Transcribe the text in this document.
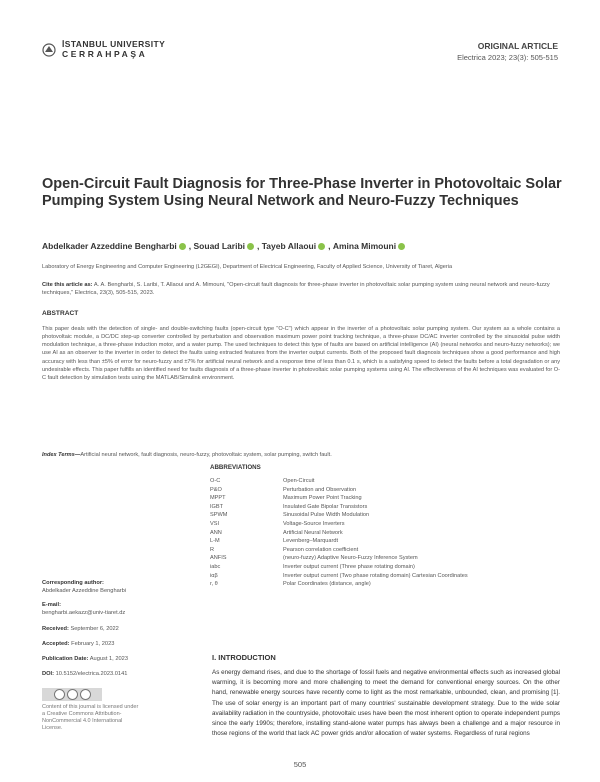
İSTANBUL UNIVERSITY
CERRAHPAŞA
ORIGINAL ARTICLE
Electrica 2023; 23(3): 505-515
Open-Circuit Fault Diagnosis for Three-Phase Inverter in Photovoltaic Solar Pumping System Using Neural Network and Neuro-Fuzzy Techniques
Abdelkader Azzeddine Bengharbi ,
Souad Laribi ,
Tayeb Allaoui ,
Amina Mimouni
Laboratory of Energy Engineering and Computer Engineering (L2GEGI), Department of Electrical Engineering, Faculty of Applied Science, University of Tiaret, Algeria
Cite this article as: A. A. Bengharbi, S. Laribi, T. Allaoui and A. Mimouni, "Open-circuit fault diagnosis for three-phase inverter in photovoltaic solar pumping system using neural network and neuro-fuzzy techniques," Electrica, 23(3), 505-515, 2023.
ABSTRACT
This paper deals with the detection of single- and double-switching faults (open-circuit type "O-C") which appear in the inverter of a photovoltaic solar pumping system. Our system as a whole contains a photovoltaic module, a DC/DC step-up converter controlled by perturbation and observation maximum power point tracking technique, a three-phase DC/AC inverter controlled by the sinusoidal pulse width modulation technique, a three-phase induction motor, and a water pump. The used techniques to detect this type of faults are based on artificial intelligence (AI) (neural networks and neuro-fuzzy networks); we use AI as an observer to the inverter in order to detect the faults using extracted features from the inverter output currents. Both of the proposed fault diagnosis techniques show a good performance and high accuracy with less than ±5% of error for neuro-fuzzy and ±7% for artificial neural network and a response time of less than 0.1 s, which is a satisfying speed to detect the faults before a total degradation or any undesirable effects. This paper fulfills an identified need for faults diagnosis of a three-phase inverter in photovoltaic solar pumping systems using AI. The effectiveness of the AI techniques was evaluated for O-C fault detection by simulation tests using the MATLAB/Simulink environment.
Index Terms—Artificial neural network, fault diagnosis, neuro-fuzzy, photovoltaic system, solar pumping, switch fault.
ABBREVIATIONS
O-C	Open-Circuit
P&O	Perturbation and Observation
MPPT	Maximum Power Point Tracking
IGBT	Insulated Gate Bipolar Transistors
SPWM	Sinusoidal Pulse Width Modulation
VSI	Voltage-Source Inverters
ANN	Artificial Neural Network
L-M	Levenberg–Marquardt
R	Pearson correlation coefficient
ANFIS	(neuro-fuzzy) Adaptive Neuro-Fuzzy Inference System
iabc	Inverter output current (Three phase rotating domain)
iαβ	Inverter output current (Two phase rotating domain) Cartesian Coordinates
r, θ	Polar Coordinates (distance, angle)
Corresponding author:
Abdelkader Azzeddine Bengharbi
E-mail:
bengharbi.aekazz@univ-tiaret.dz
Received: September 6, 2022
Accepted: February 1, 2023
Publication Date: August 1, 2023
DOI: 10.5152/electrica.2023.0141
Content of this journal is licensed under a Creative Commons Attribution-NonCommercial 4.0 International License.
I. INTRODUCTION
As energy demand rises, and due to the shortage of fossil fuels and negative environmental effects such as increased global warming, it is becoming more and more challenging to meet the demand for conventional energy sources. On the other hand, renewable energy sources have recently come to light as the most remarkable, unbounded, clean, and promising [1]. The use of solar energy is an important part of many countries' sustainable development strategy. Due to the wide solar availability radiation in the countryside, photovoltaic uses have been the most inherent option to operate independent pumps since the early 1990s; therefore, installing stand-alone water pumps has always been a challenge and a major resource in those regions of the world that lack AC power grids and/or allocation of water systems. Regardless of rural regions
505
